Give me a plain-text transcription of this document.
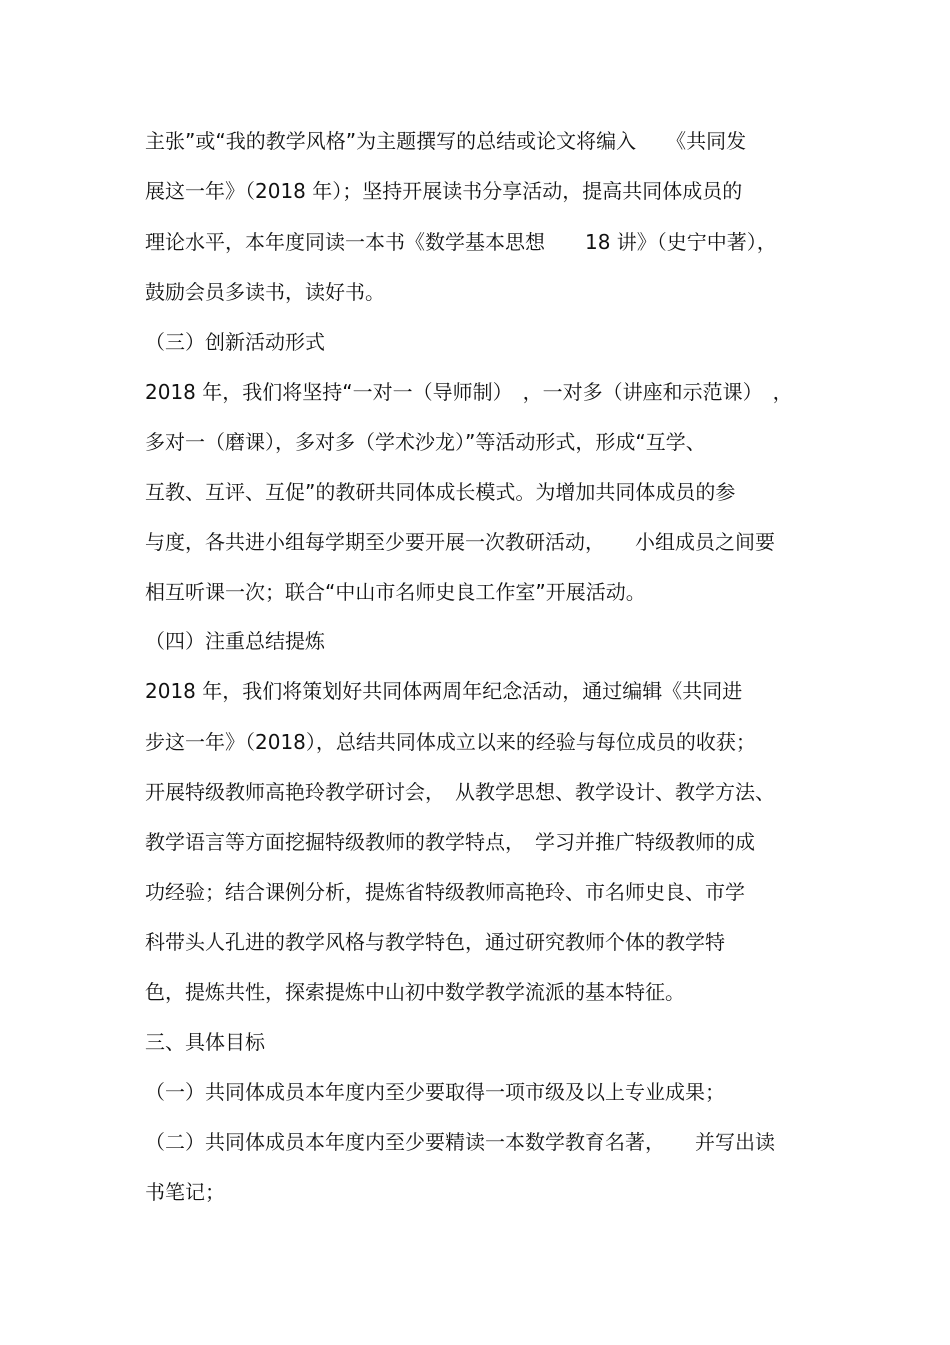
主张”或“我的教学风格”为主题撰写的总结或论文将编入　　《共同发
展这一年》（2018 年）；坚持开展读书分享活动，提高共同体成员的
理论水平，本年度同读一本书《数学基本思想　　18 讲》（史宁中著），
鼓励会员多读书，读好书。
（三）创新活动形式
2018 年，我们将坚持“一对一（导师制）　，一对多（讲座和示范课）　，
多对一（磨课），多对多（学术沙龙）”等活动形式，形成“互学、
互教、互评、互促”的教研共同体成长模式。为增加共同体成员的参
与度，各共进小组每学期至少要开展一次教研活动，　　小组成员之间要
相互听课一次；联合“中山市名师史良工作室”开展活动。
（四）注重总结提炼
2018 年，我们将策划好共同体两周年纪念活动，通过编辑《共同进
步这一年》（2018），总结共同体成立以来的经验与每位成员的收获；
开展特级教师高艳玲教学研讨会，　从教学思想、教学设计、教学方法、
教学语言等方面挖掘特级教师的教学特点，　学习并推广特级教师的成
功经验；结合课例分析，提炼省特级教师高艳玲、市名师史良、市学
科带头人孔进的教学风格与教学特色，通过研究教师个体的教学特
色，提炼共性，探索提炼中山初中数学教学流派的基本特征。
三、具体目标
（一）共同体成员本年度内至少要取得一项市级及以上专业成果；
（二）共同体成员本年度内至少要精读一本数学教育名著，　　并写出读
书笔记；
